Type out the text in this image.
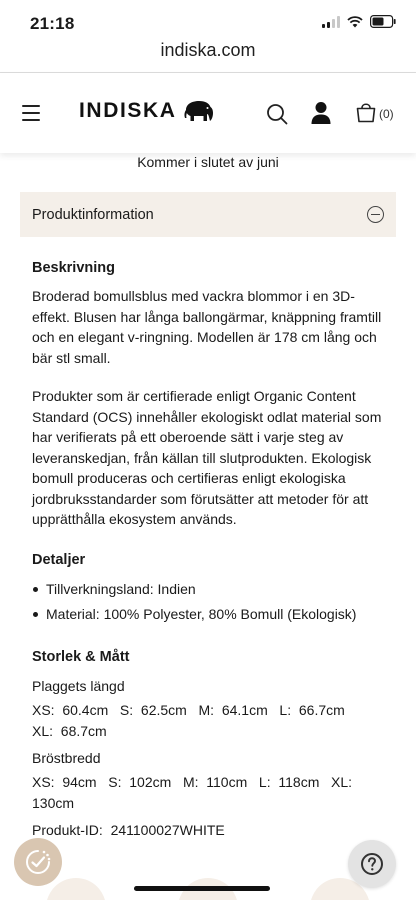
21:18
indiska.com
INDISKA	(0)
Kommer i slutet av juni
Produktinformation
Beskrivning

Broderad bomullsblus med vackra blommor i en 3D-effekt. Blusen har långa ballongärmar, knäppning framtill och en elegant v-ringning. Modellen är 178 cm lång och bär stl small.

Produkter som är certifierade enligt Organic Content Standard (OCS) innehåller ekologiskt odlat material som har verifierats på ett oberoende sätt i varje steg av leveranskedjan, från källan till slutprodukten. Ekologisk bomull produceras och certifieras enligt ekologiska jordbruksstandarder som förutsätter att metoder för att upprätthålla ekosystem används.

Detaljer
Tillverkningsland: Indien
Material: 100% Polyester, 80% Bomull (Ekologisk)
Storlek & Mått
Plaggets längd
XS:  60.4cm   S:  62.5cm   M:  64.1cm   L:  66.7cm   XL:  68.7cm
Bröstbredd
XS:  94cm   S:  102cm   M:  110cm   L:  118cm   XL:  130cm
Produkt-ID:  241100027WHITE
